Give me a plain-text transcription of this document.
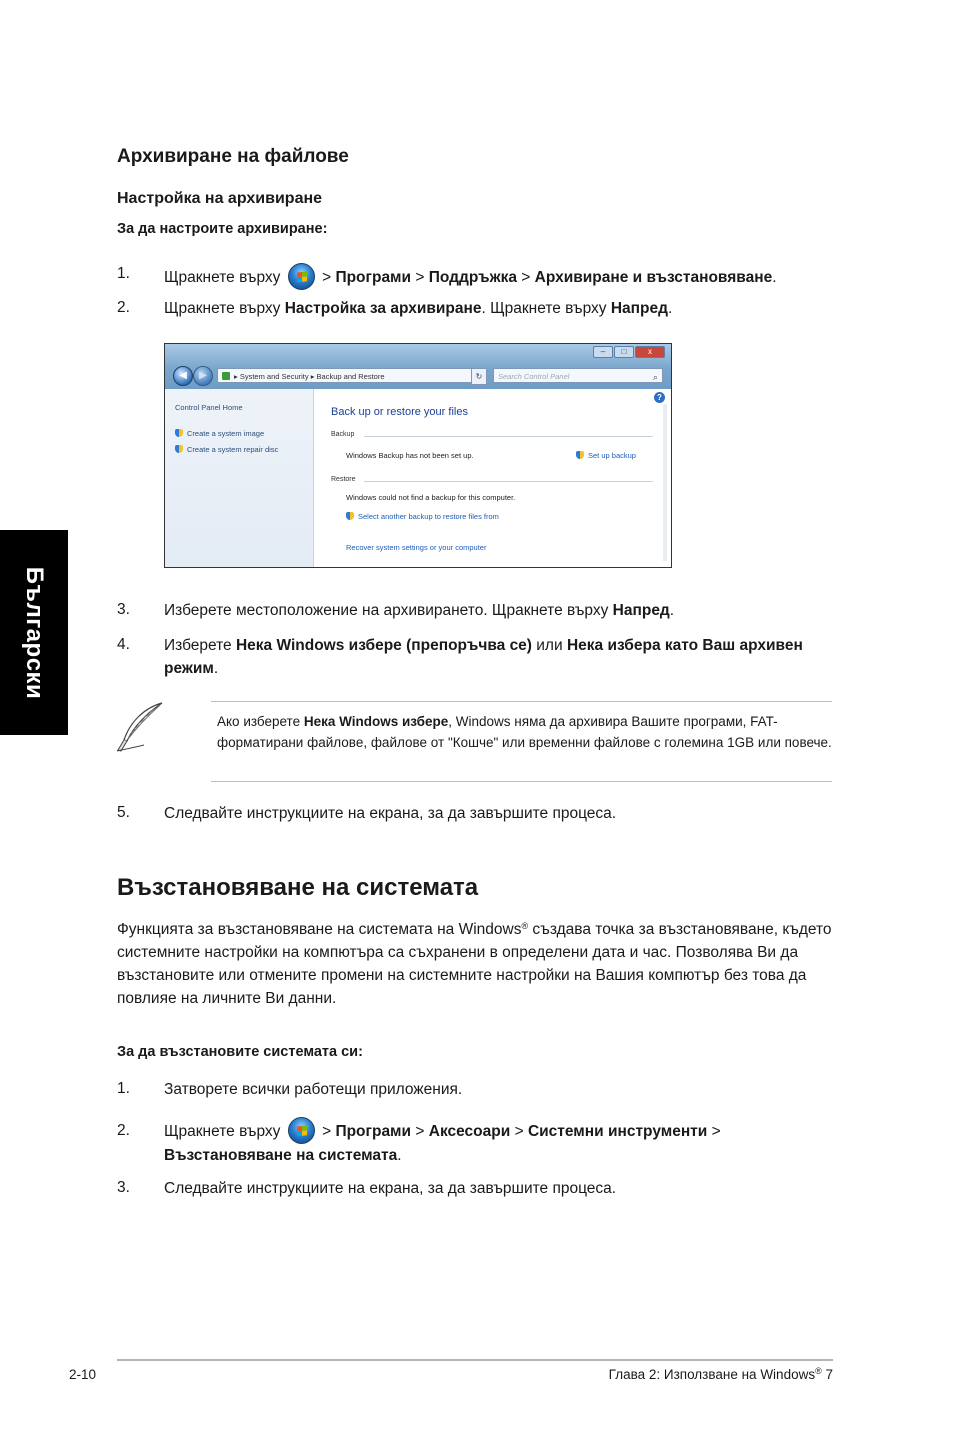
Български
Архивиране на файлове
Настройка на архивиране
За да настроите архивиране:
1. Щракнете върху	> Програми > Поддръжка > Архивиране и възстановяване.
2. Щракнете върху Настройка за архивиране. Щракнете върху Напред.
–	□	x
◀	▶	▸ System and Security ▸ Backup and Restore	↻	Search Control Panel	⌕
Control Panel Home
Create a system image
Create a system repair disc
Back up or restore your files
Backup
Windows Backup has not been set up.	Set up backup
Restore
Windows could not find a backup for this computer.
Select another backup to restore files from
Recover system settings or your computer
?
3. Изберете местоположение на архивирането. Щракнете върху Напред.
4. Изберете Нека Windows избере (препоръчва се) или Нека избера като Ваш архивен режим.
Ако изберете Нека Windows избере, Windows няма да архивира Вашите програми, FAT-форматирани файлове, файлове от "Кошче" или временни файлове с големина 1GB или повече.
5. Следвайте инструкциите на екрана, за да завършите процеса.
Възстановяване на системата
Функцията за възстановяване на системата на Windows® създава точка за възстановяване, където системните настройки на компютъра са съхранени в определени дата и час. Позволява Ви да възстановите или отмените промени на системните настройки на Вашия компютър без това да повлияе на личните Ви данни.
За да възстановите системата си:
1. Затворете всички работещи приложения.
2. Щракнете върху	> Програми > Аксесоари > Системни инструменти >
Възстановяване на системата.
3. Следвайте инструкциите на екрана, за да завършите процеса.
2-10	Глава 2: Използване на Windows® 7
